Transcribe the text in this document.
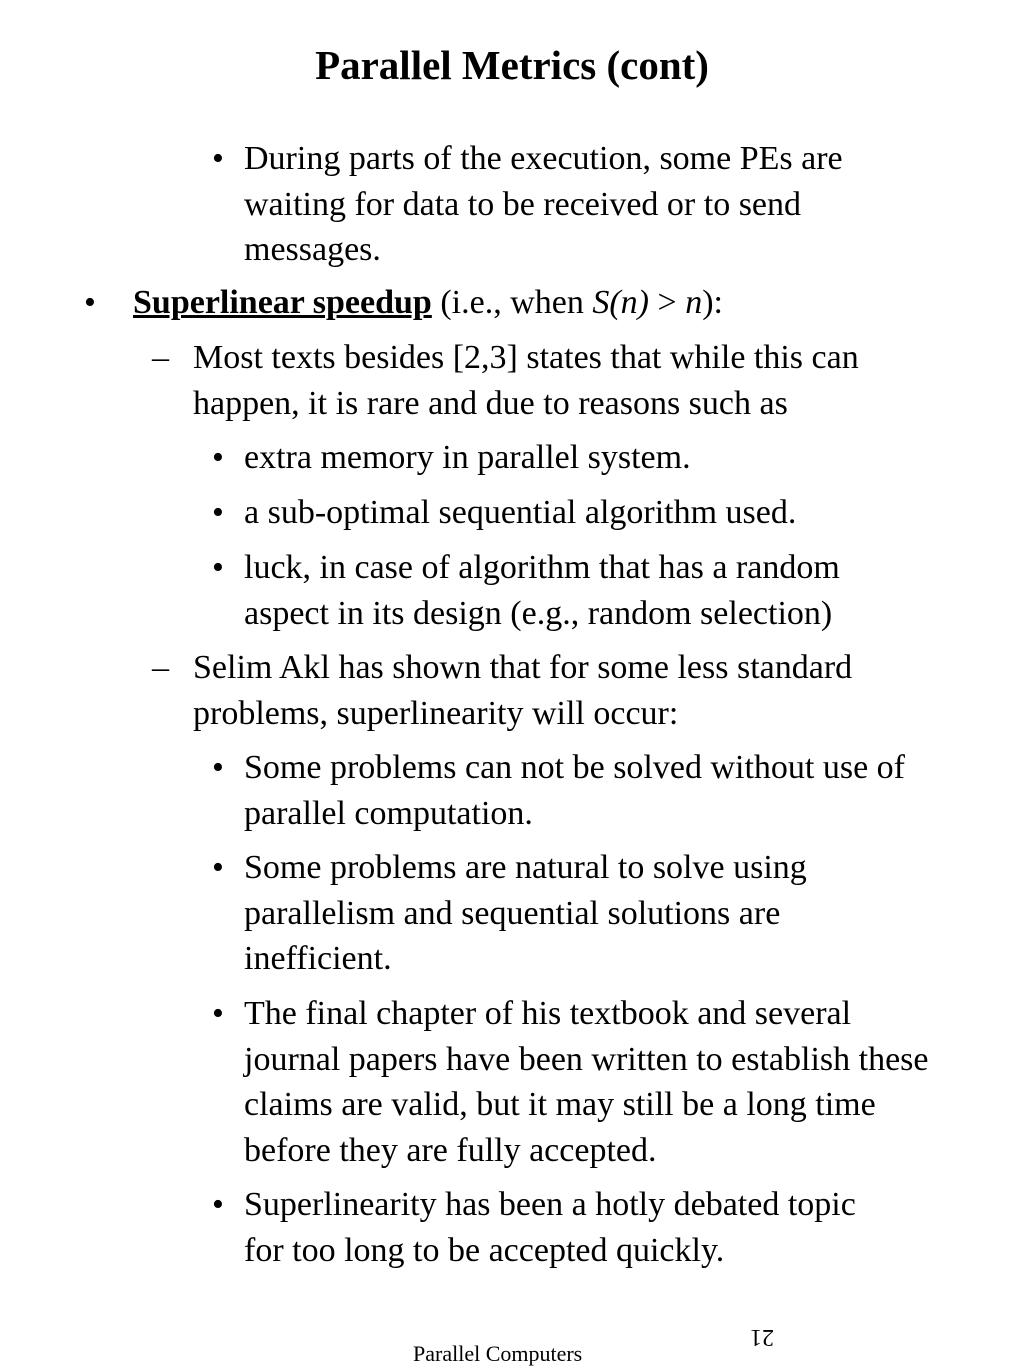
Parallel Metrics (cont)
• During parts of the execution, some PEs are waiting for data to be received or to send messages.

• Superlinear speedup (i.e., when S(n) > n):

– Most texts besides [2,3] states that while this can happen, it is rare and due to reasons such as

• extra memory in parallel system.

• a sub-optimal sequential algorithm used.

• luck, in case of algorithm that has a random aspect in its design (e.g., random selection)

– Selim Akl has shown that for some less standard problems, superlinearity will occur:

• Some problems can not be solved without use of parallel computation.

• Some problems are natural to solve using parallelism and sequential solutions are inefficient.

• The final chapter of his textbook and several journal papers have been written to establish these claims are valid, but it may still be a long time before they are fully accepted.

• Superlinearity has been a hotly debated topic for too long to be accepted quickly.

Parallel Computers
21
